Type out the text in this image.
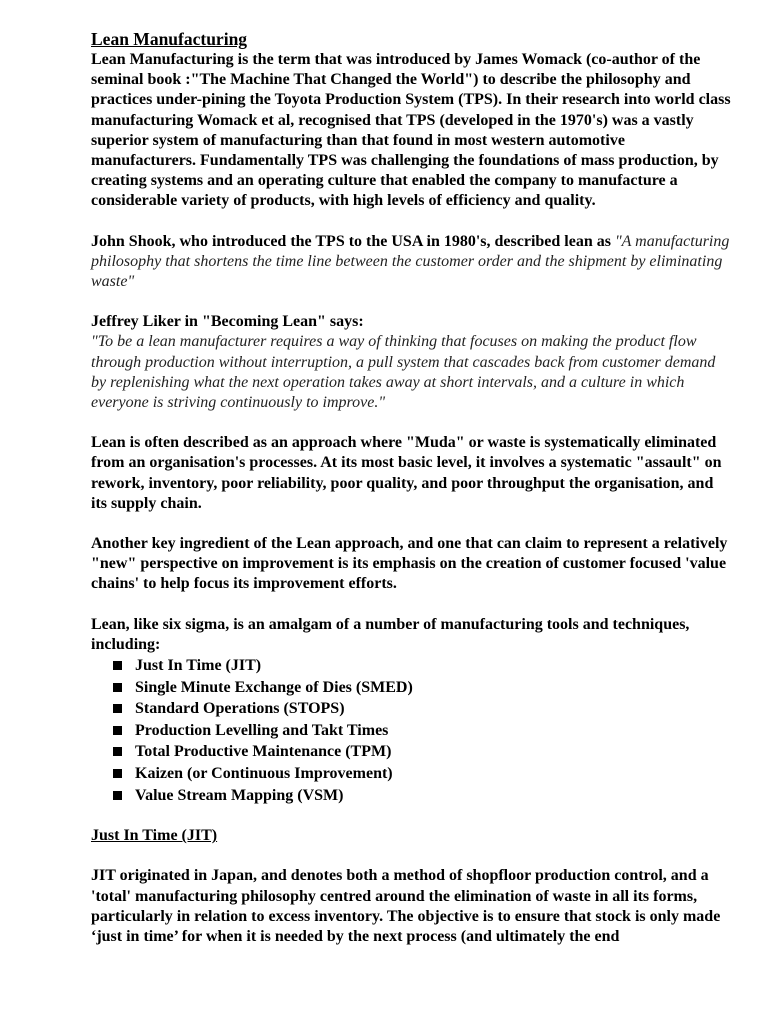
Lean Manufacturing

Lean Manufacturing is the term that was introduced by James Womack (co-author of the seminal book :"The Machine That Changed the World") to describe the philosophy and practices under-pining the Toyota Production System (TPS). In their research into world class manufacturing Womack et al, recognised that TPS (developed in the 1970's) was a vastly superior system of manufacturing than that found in most western automotive manufacturers. Fundamentally TPS was challenging the foundations of mass production, by creating systems and an operating culture that enabled the company to manufacture a considerable variety of products, with high levels of efficiency and quality.

John Shook, who introduced the TPS to the USA in 1980's, described lean as "A manufacturing philosophy that shortens the time line between the customer order and the shipment by eliminating waste"

Jeffrey Liker in "Becoming Lean" says:
"To be a lean manufacturer requires a way of thinking that focuses on making the product flow through production without interruption, a pull system that cascades back from customer demand by replenishing what the next operation takes away at short intervals, and a culture in which everyone is striving continuously to improve."

Lean is often described as an approach where "Muda" or waste is systematically eliminated from an organisation's processes. At its most basic level, it involves a systematic "assault" on rework, inventory, poor reliability, poor quality, and poor throughput the organisation, and its supply chain.

Another key ingredient of the Lean approach, and one that can claim to represent a relatively "new" perspective on improvement is its emphasis on the creation of customer focused 'value chains' to help focus its improvement efforts.

Lean, like six sigma, is an amalgam of a number of manufacturing tools and techniques, including:

Just In Time (JIT)
Single Minute Exchange of Dies (SMED)
Standard Operations (STOPS)
Production Levelling and Takt Times
Total Productive Maintenance (TPM)
Kaizen (or Continuous Improvement)
Value Stream Mapping (VSM)

Just In Time (JIT)

JIT originated in Japan, and denotes both a method of shopfloor production control, and a 'total' manufacturing philosophy centred around the elimination of waste in all its forms, particularly in relation to excess inventory. The objective is to ensure that stock is only made ‘just in time’ for when it is needed by the next process (and ultimately the end
